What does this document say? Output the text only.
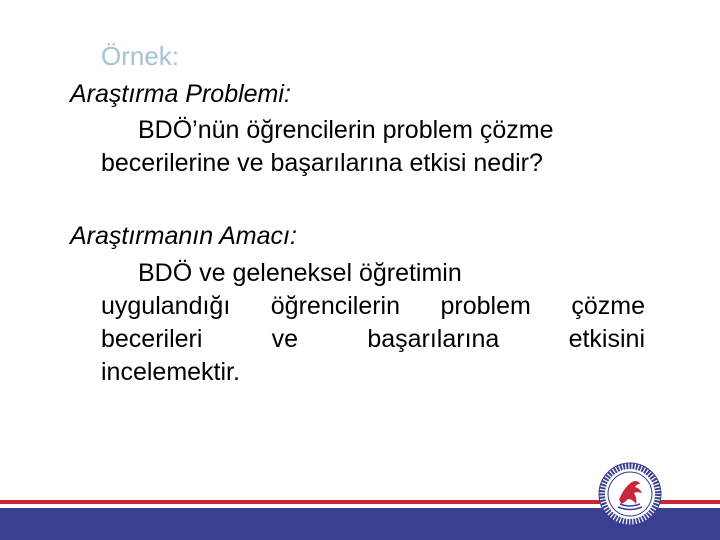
Örnek:
Araştırma Problemi:
BDÖ’nün öğrencilerin problem çözme
becerilerine ve başarılarına etkisi nedir?
Araştırmanın Amacı:
BDÖ ve geleneksel öğretimin
uygulandığı öğrencilerin problem çözme
becerileri ve başarılarına etkisini
incelemektir.
